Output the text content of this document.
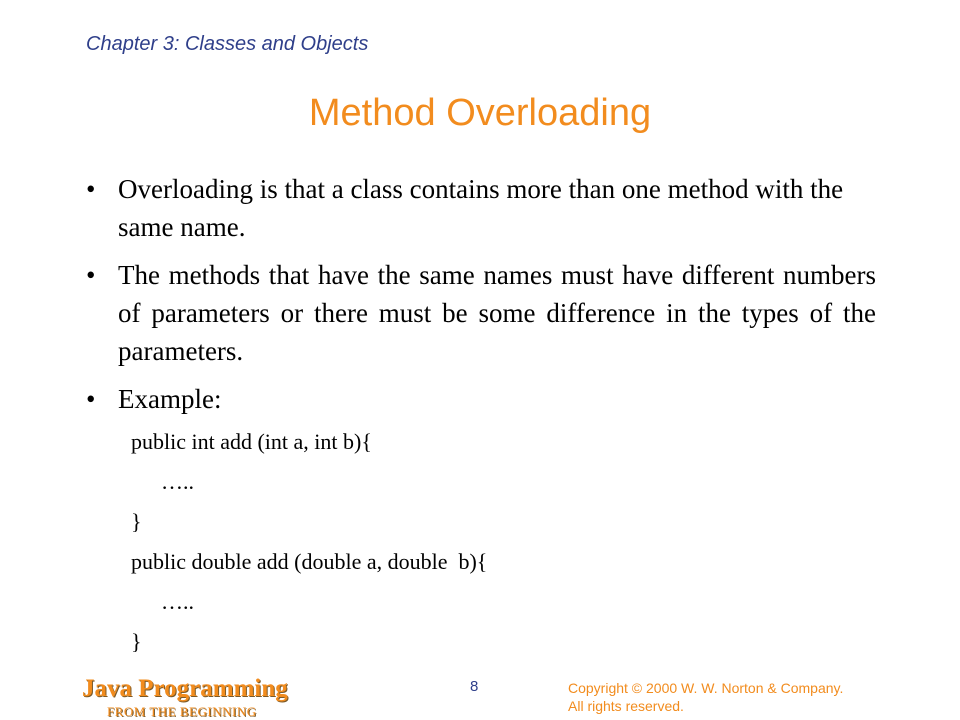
Chapter 3: Classes and Objects
Method Overloading
• Overloading is that a class contains more than one method with the same name.
• The methods that have the same names must have different numbers of parameters or there must be some difference in the types of the parameters.
• Example:
public int add (int a, int b){
…..
}
public double add (double a, double  b){
…..
}
Java Programming
FROM THE BEGINNING
8	Copyright © 2000 W. W. Norton & Company.
All rights reserved.
